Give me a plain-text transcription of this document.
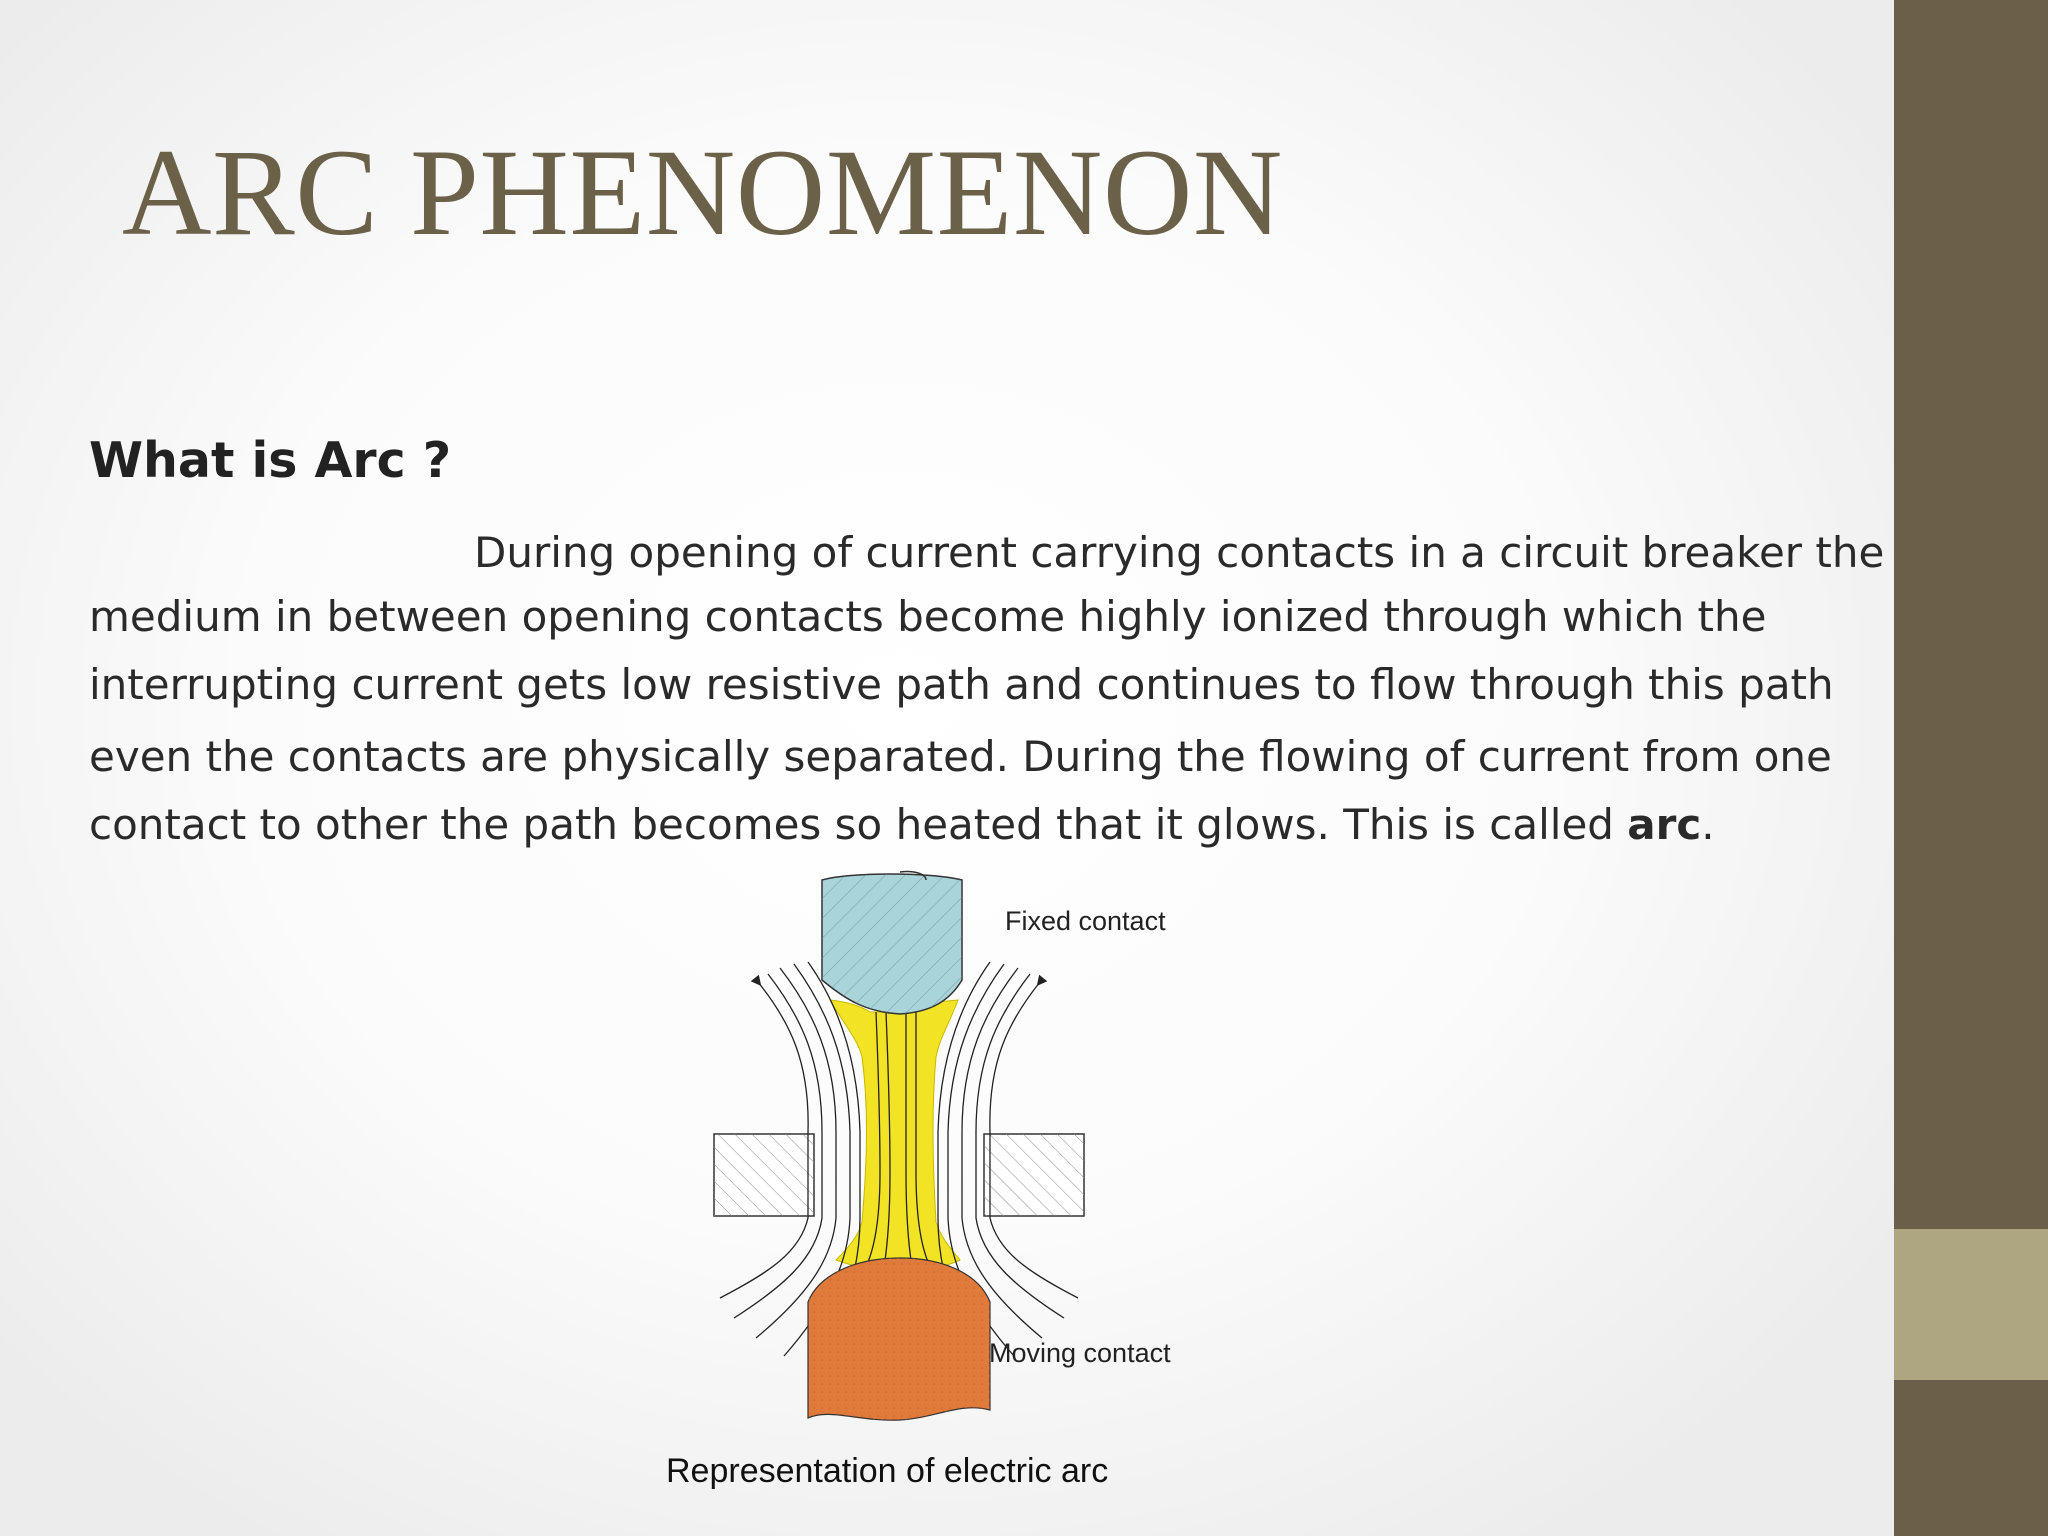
ARC PHENOMENON
What is Arc ?
During opening of current carrying contacts in a circuit breaker the
medium in between opening contacts become highly ionized through which the
interrupting current gets low resistive path and continues to flow through this path
even the contacts are physically separated. During the flowing of current from one
contact to other the path becomes so heated that it glows. This is called arc.
Fixed contact
Moving contact

Representation of electric arc
